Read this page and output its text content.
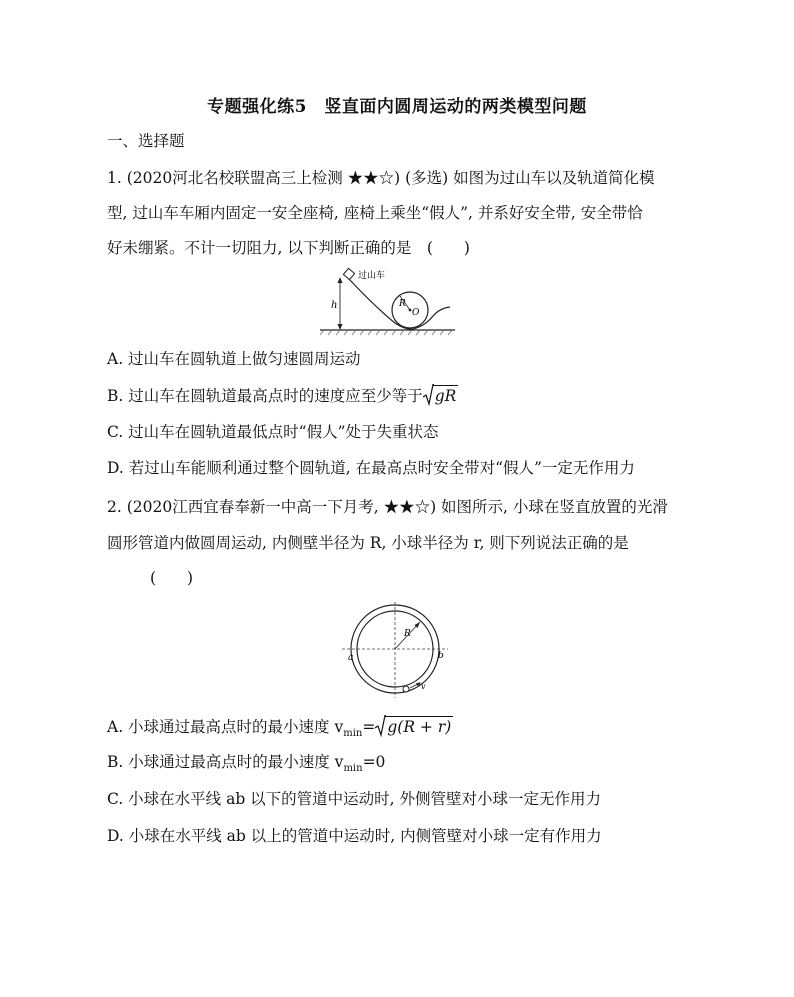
专题强化练5　竖直面内圆周运动的两类模型问题
一、选择题
1. (2020河北名校联盟高三上检测 ★★☆) (多选) 如图为过山车以及轨道简化模
型, 过山车车厢内固定一安全座椅, 座椅上乘坐“假人”, 并系好安全带, 安全带恰
好未绷紧。不计一切阻力, 以下判断正确的是　(　　)
h	R
O
过山车
A. 过山车在圆轨道上做匀速圆周运动
B. 过山车在圆轨道最高点时的速度应至少等于 gR
C. 过山车在圆轨道最低点时“假人”处于失重状态
D. 若过山车能顺利通过整个圆轨道, 在最高点时安全带对“假人”一定无作用力
2. (2020江西宜春奉新一中高一下月考, ★★☆) 如图所示, 小球在竖直放置的光滑
圆形管道内做圆周运动, 内侧壁半径为 R, 小球半径为 r, 则下列说法正确的是
(　　)
R
a	b
v
A. 小球通过最高点时的最小速度 $v_{min}= g(R + r)$
B. 小球通过最高点时的最小速度 $v_{min}=0$
C. 小球在水平线 ab 以下的管道中运动时, 外侧管壁对小球一定无作用力
D. 小球在水平线 ab 以上的管道中运动时, 内侧管壁对小球一定有作用力
